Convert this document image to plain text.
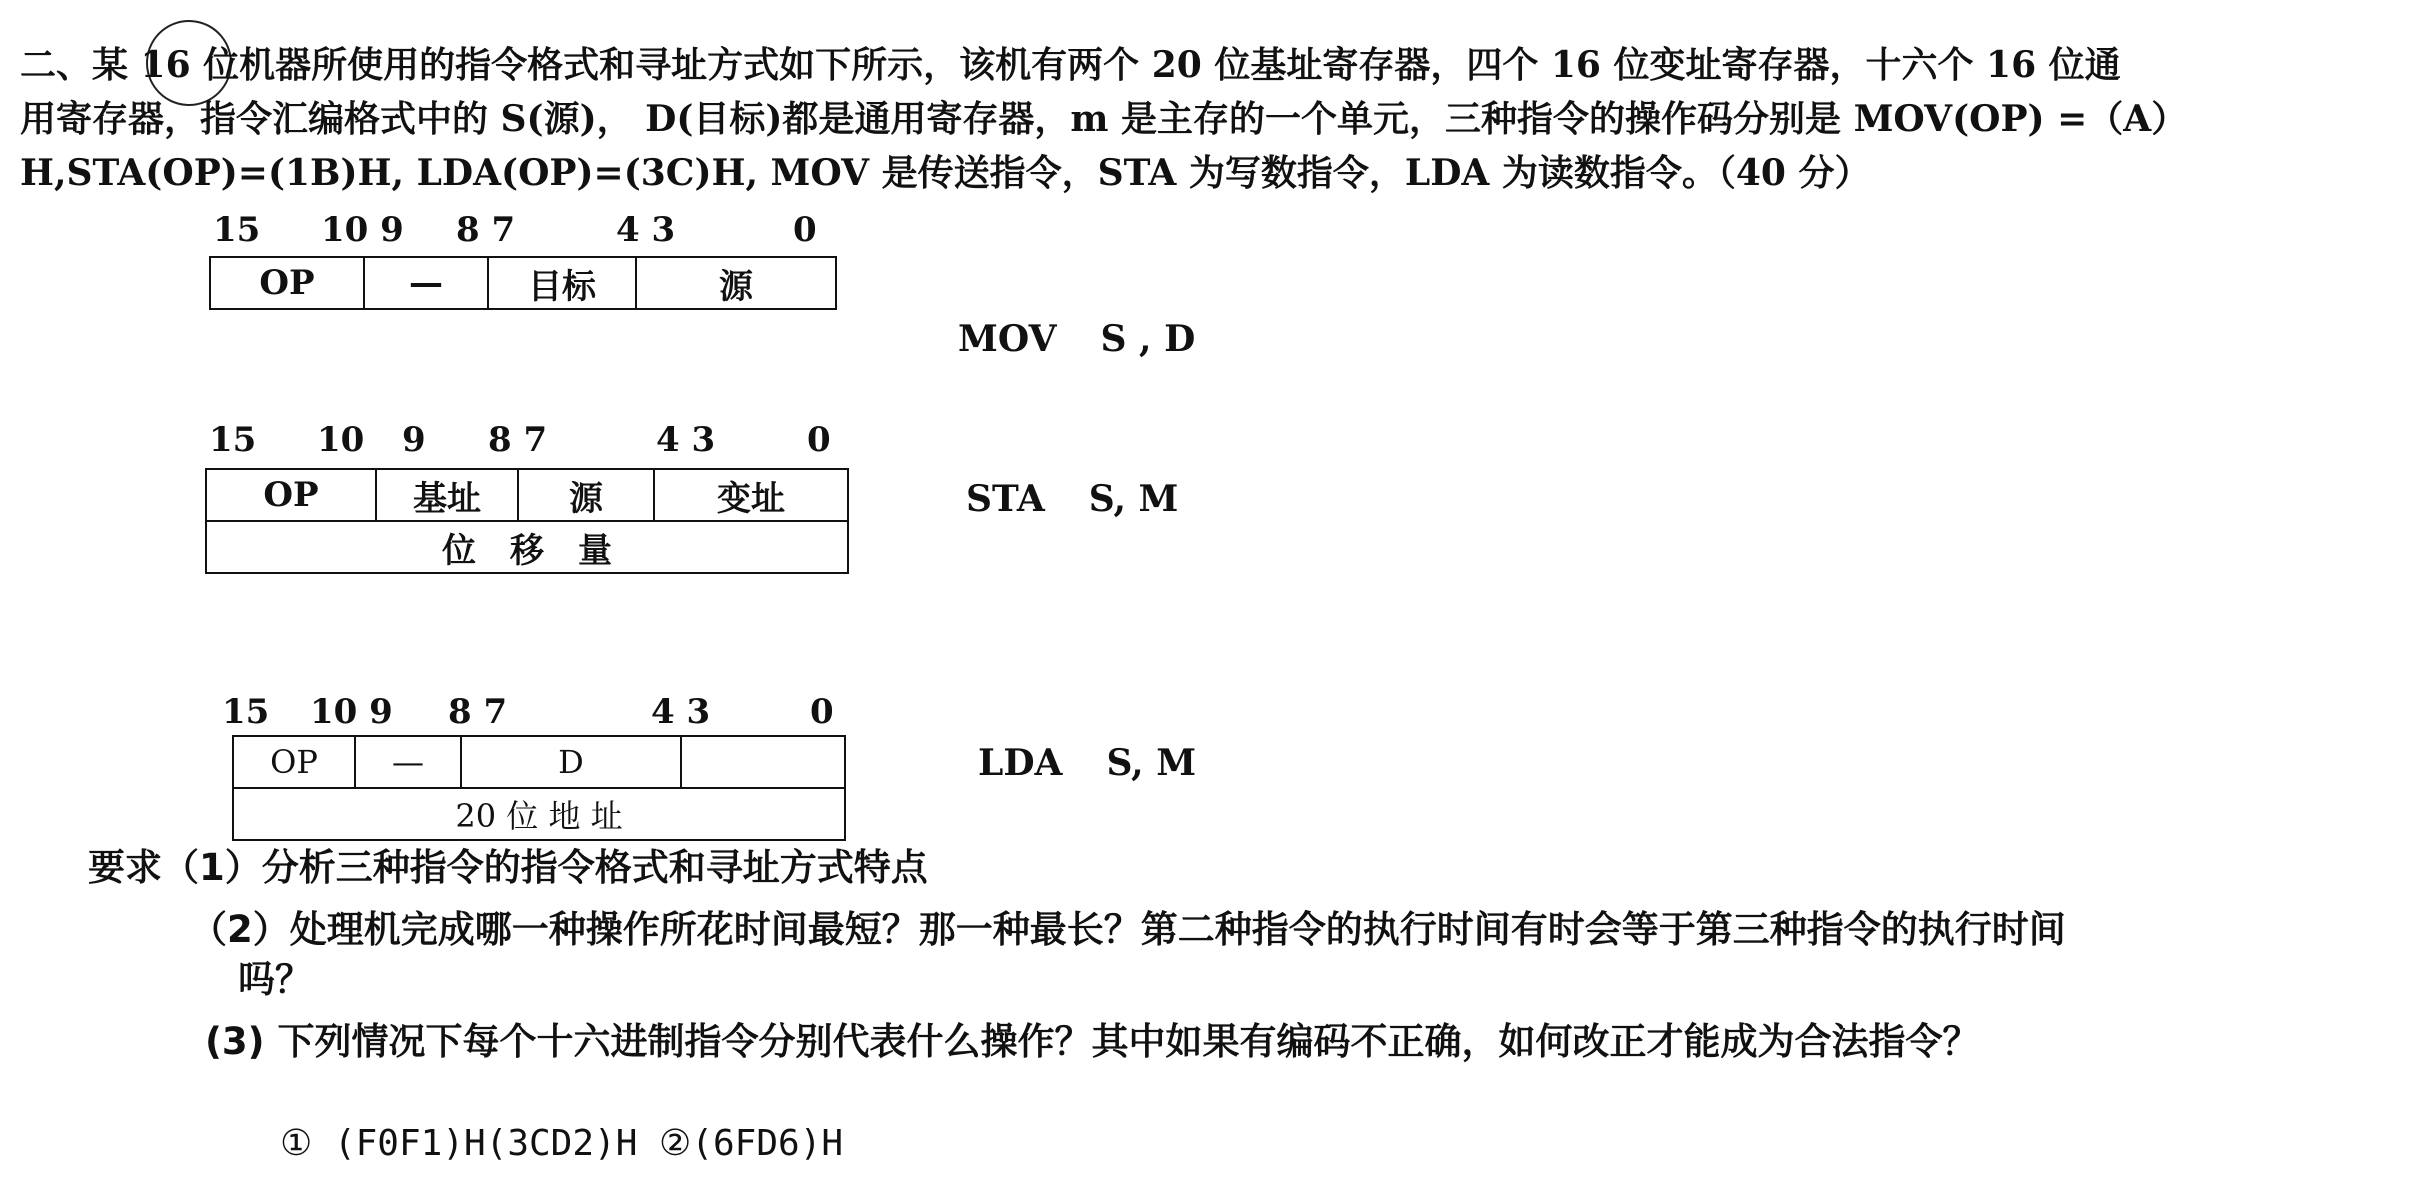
二、某 16 位机器所使用的指令格式和寻址方式如下所示，该机有两个 20 位基址寄存器，四个 16 位变址寄存器，十六个 16 位通
用寄存器，指令汇编格式中的 S(源)， D(目标)都是通用寄存器，m 是主存的一个单元，三种指令的操作码分别是 MOV(OP) =（A）
H,STA(OP)=(1B)H, LDA(OP)=(3C)H, MOV 是传送指令，STA 为写数指令，LDA 为读数指令。（40 分）
15 10 9 8 7	4 3	0
OP	—	目标	源
MOV S , D
15 10 9 8 7	4 3	0
OP	基址	源	变址
位　移　量
STA S, M
15 10 9 8 7	4 3	0
OP	—	D	
20 位 地 址
LDA S, M
要求（1）分析三种指令的指令格式和寻址方式特点
（2）处理机完成哪一种操作所花时间最短？那一种最长？第二种指令的执行时间有时会等于第三种指令的执行时间
吗？
(3) 下列情况下每个十六进制指令分别代表什么操作？其中如果有编码不正确，如何改正才能成为合法指令？
① (F0F1)H(3CD2)H ②(6FD6)H
